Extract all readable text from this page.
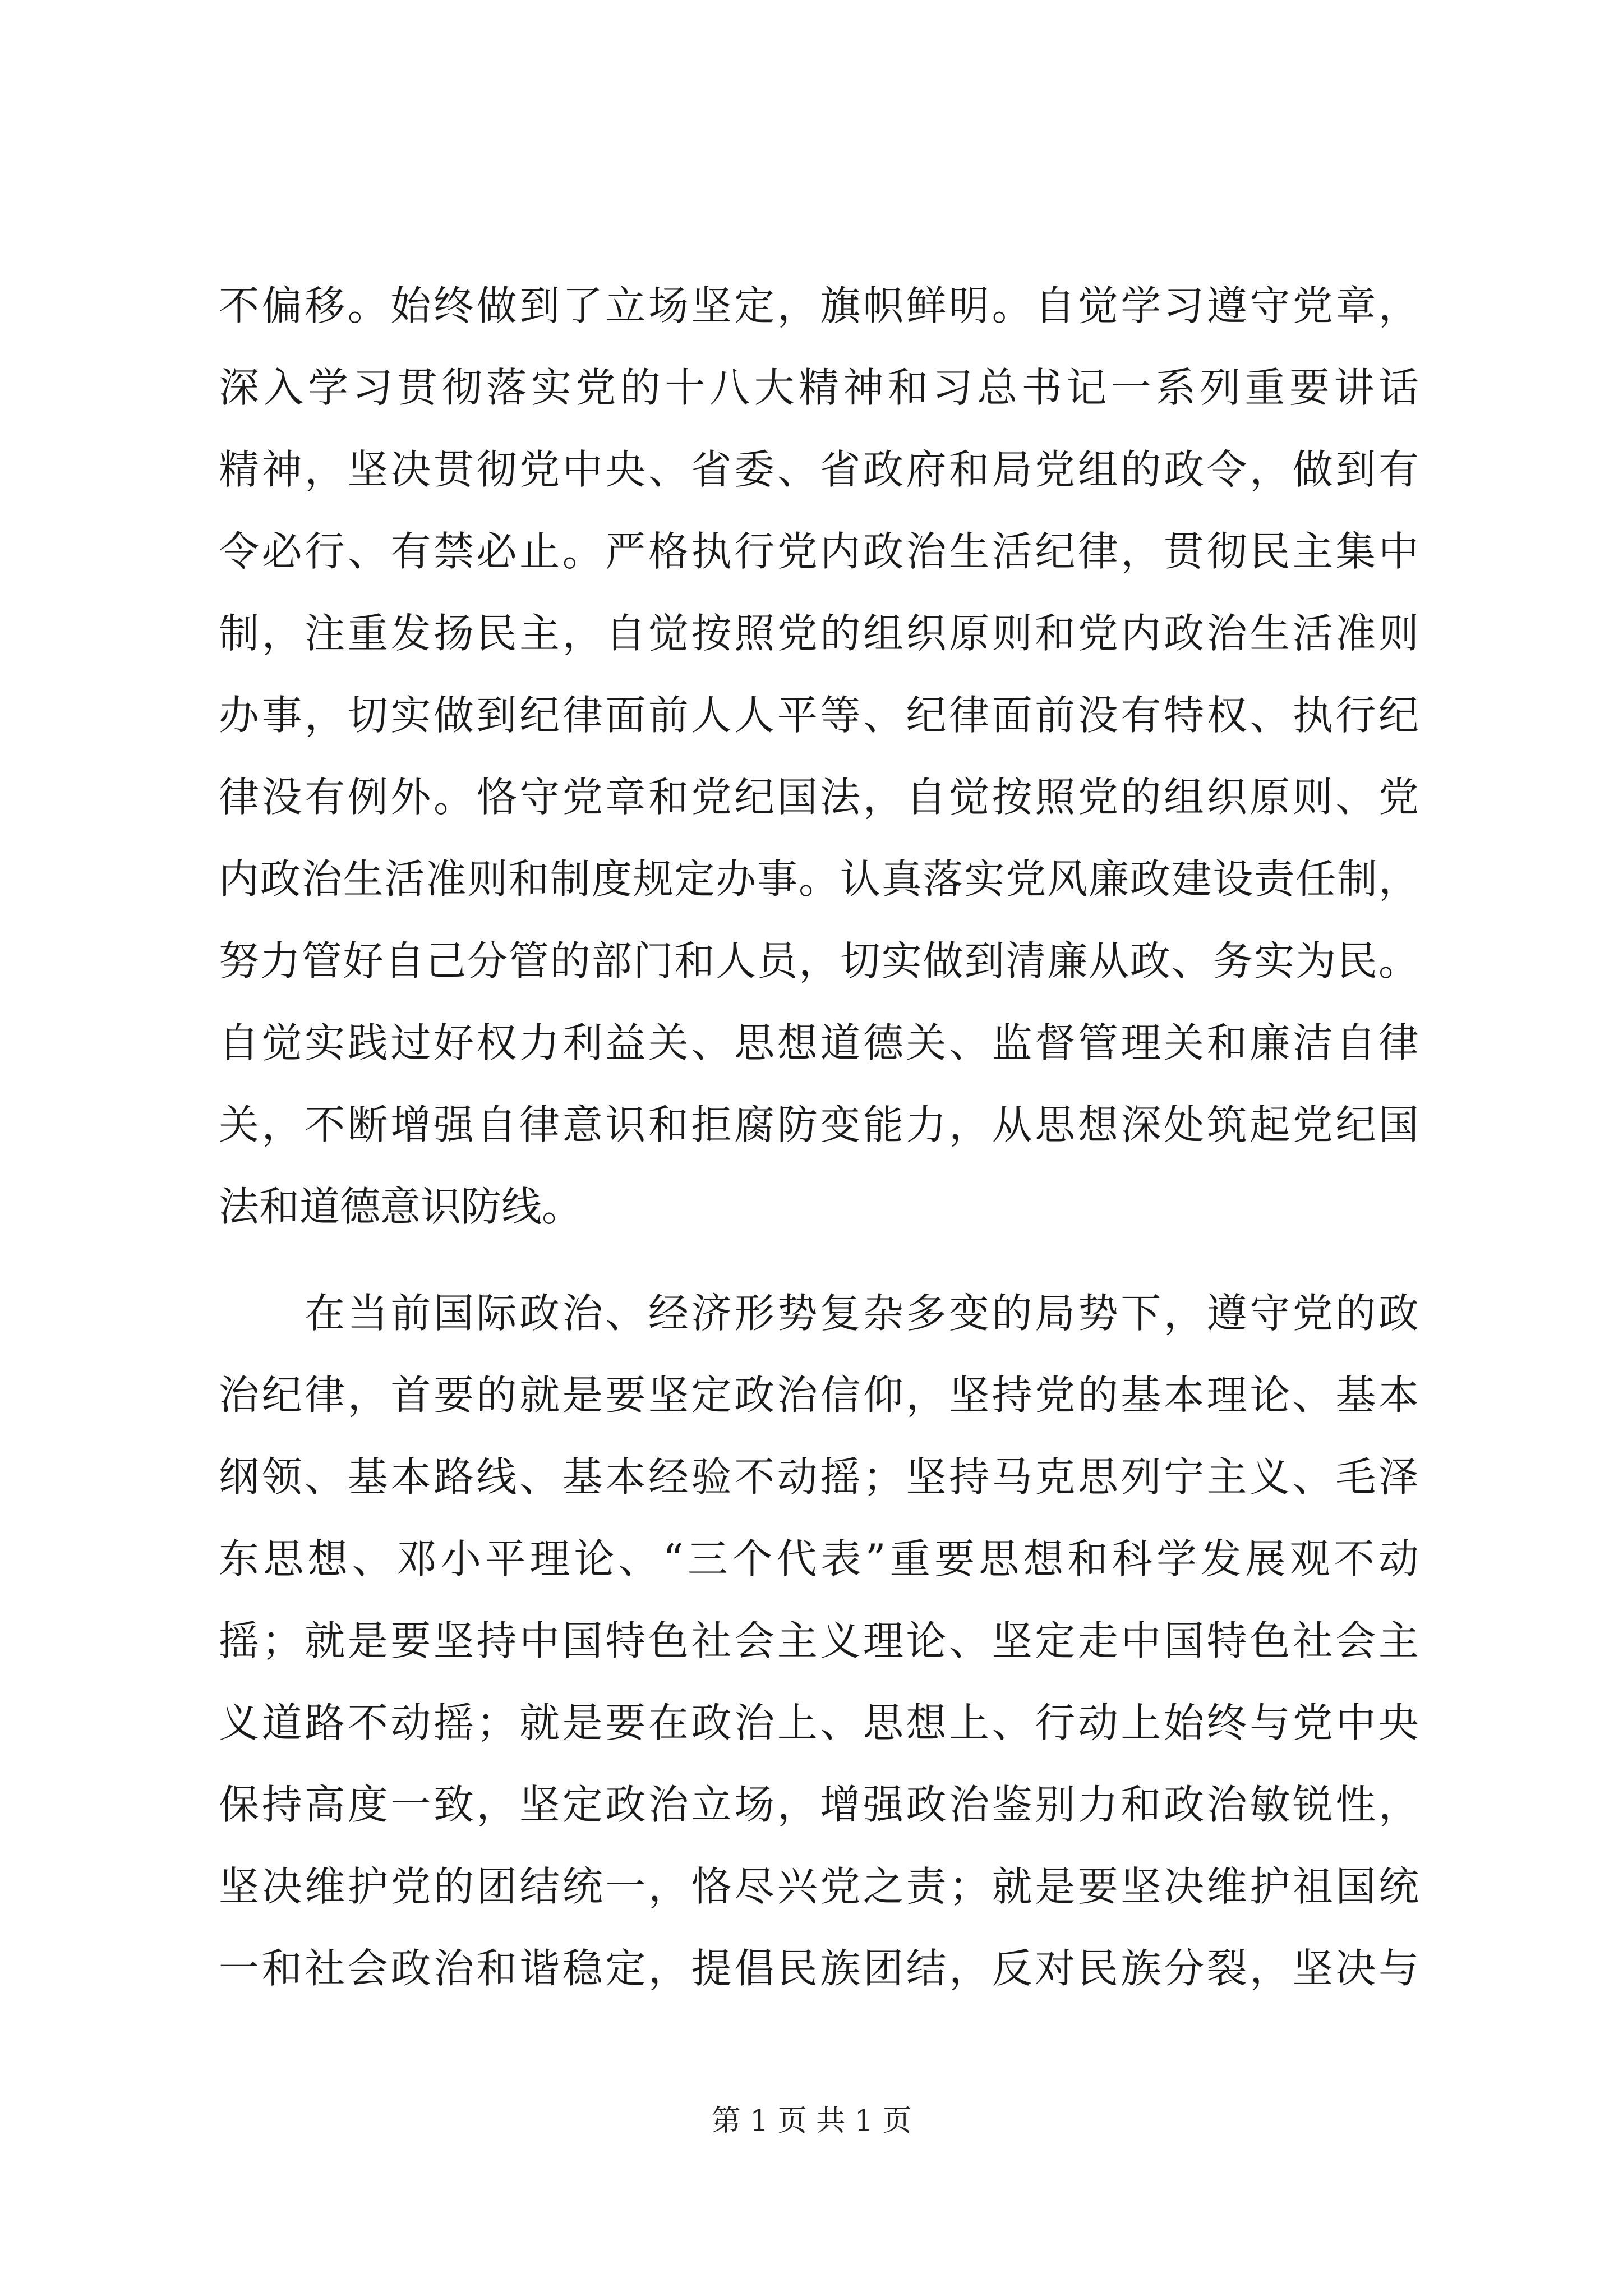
不偏移。始终做到了立场坚定，旗帜鲜明。自觉学习遵守党章，
深入学习贯彻落实党的十八大精神和习总书记一系列重要讲话
精神，坚决贯彻党中央、省委、省政府和局党组的政令，做到有
令必行、有禁必止。严格执行党内政治生活纪律，贯彻民主集中
制，注重发扬民主，自觉按照党的组织原则和党内政治生活准则
办事，切实做到纪律面前人人平等、纪律面前没有特权、执行纪
律没有例外。恪守党章和党纪国法，自觉按照党的组织原则、党
内政治生活准则和制度规定办事。认真落实党风廉政建设责任制，
努力管好自己分管的部门和人员，切实做到清廉从政、务实为民。
自觉实践过好权力利益关、思想道德关、监督管理关和廉洁自律
关，不断增强自律意识和拒腐防变能力，从思想深处筑起党纪国
法和道德意识防线。
　　在当前国际政治、经济形势复杂多变的局势下，遵守党的政
治纪律，首要的就是要坚定政治信仰，坚持党的基本理论、基本
纲领、基本路线、基本经验不动摇；坚持马克思列宁主义、毛泽
东思想、邓小平理论、“三个代表”重要思想和科学发展观不动
摇；就是要坚持中国特色社会主义理论、坚定走中国特色社会主
义道路不动摇；就是要在政治上、思想上、行动上始终与党中央
保持高度一致，坚定政治立场，增强政治鉴别力和政治敏锐性，
坚决维护党的团结统一，恪尽兴党之责；就是要坚决维护祖国统
一和社会政治和谐稳定，提倡民族团结，反对民族分裂，坚决与
第 1 页 共 1 页
